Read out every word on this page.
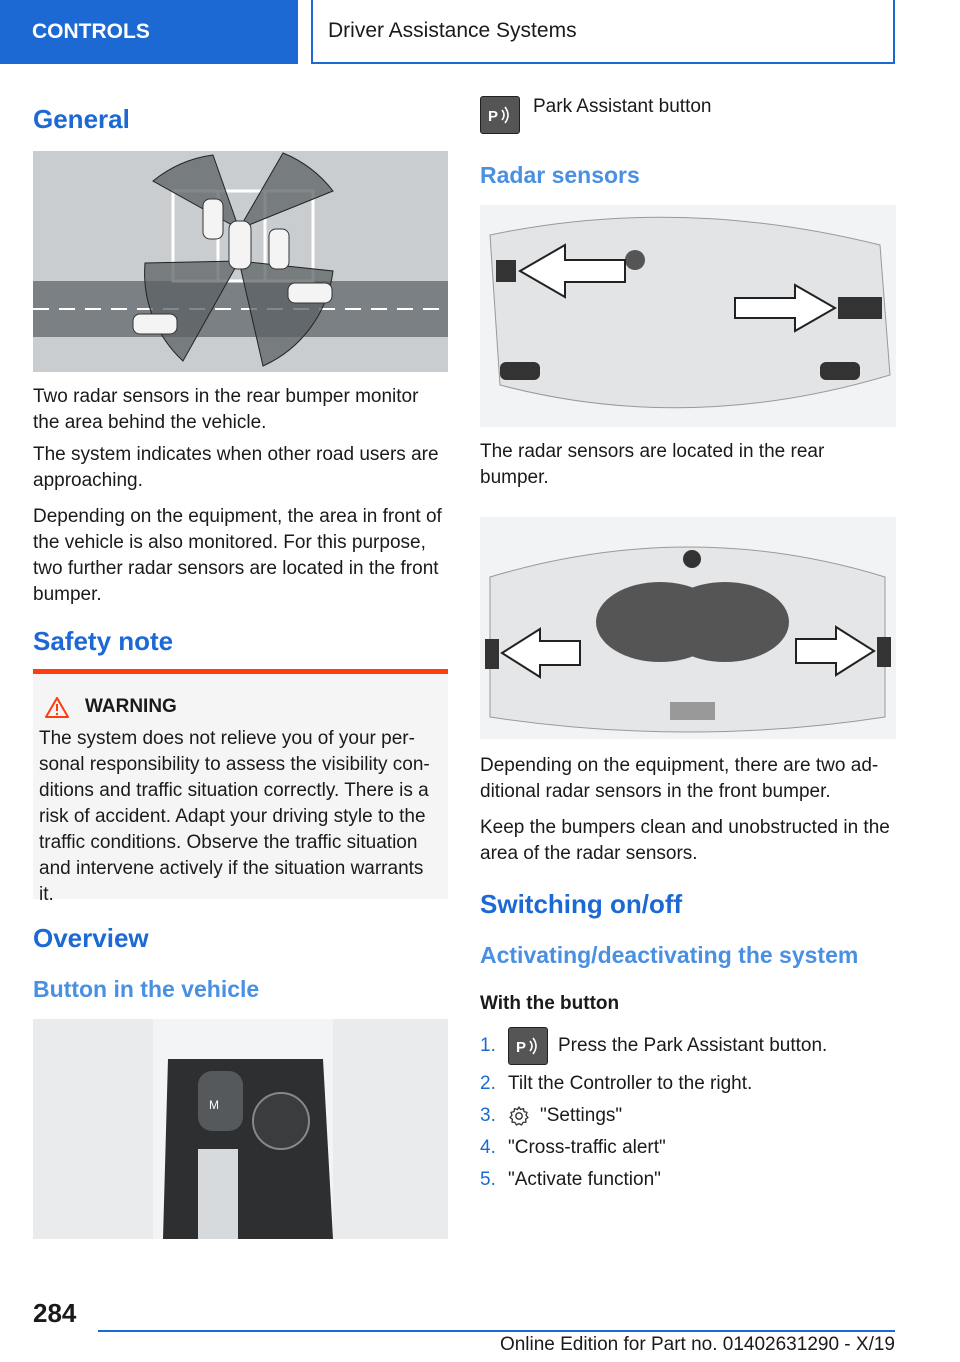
CONTROLS	Driver Assistance Systems
General

Two radar sensors in the rear bumper monitor the area behind the vehicle.

The system indicates when other road users are approaching.

Depending on the equipment, the area in front of the vehicle is also monitored. For this purpose, two further radar sensors are located in the front bumper.

Safety note
WARNING

The system does not relieve you of your personal responsibility to assess the visibility conditions and traffic situation correctly. There is a risk of accident. Adapt your driving style to the traffic conditions. Observe the traffic situation and intervene actively if the situation warrants it.

Overview
Button in the vehicle
M
P Park Assistant button
Radar sensors

The radar sensors are located in the rear bumper.

Depending on the equipment, there are two additional radar sensors in the front bumper.

Keep the bumpers clean and unobstructed in the area of the radar sensors.

Switching on/off
Activating/deactivating the system

With the button

1.	P Press the Park Assistant button.
2. Tilt the Controller to the right.
3.	"Settings"
4. "Cross-traffic alert"
5. "Activate function"
284
Online Edition for Part no. 01402631290 - X/19
